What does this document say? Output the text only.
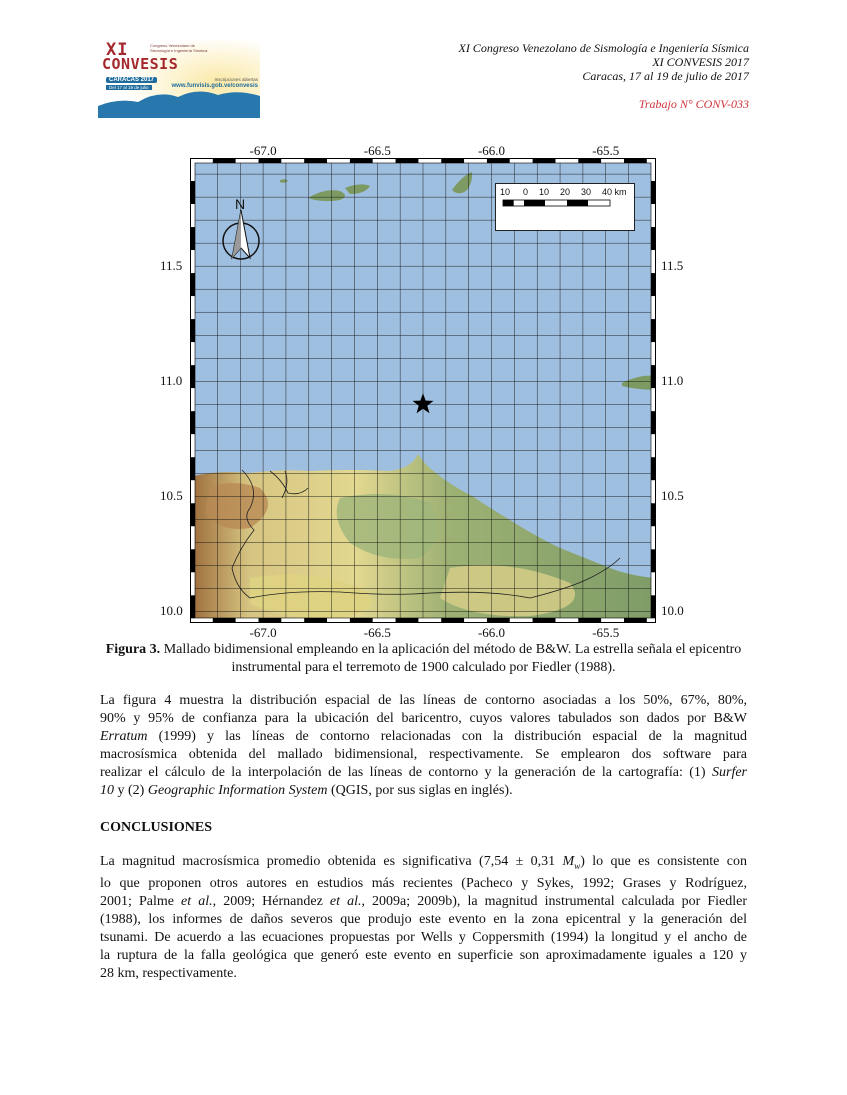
XI
CONVESIS
Congreso Venezolano de Sismología e Ingeniería Sísmica
CARACAS 2017
Del 17 al 19 de julio
Inscripciones abiertas
www.funvisis.gob.ve/convesis
XI Congreso Venezolano de Sismología e Ingeniería Sísmica
XI CONVESIS 2017
Caracas, 17 al 19 de julio de 2017
Trabajo N° CONV-033
-67.0	-66.5	-66.0	-65.5
-67.0	-66.5	-66.0	-65.5
11.5
11.0
10.5
10.0
11.5
11.0
10.5
10.0
10 0 10 20 30 40 km
N
Figura 3. Mallado bidimensional empleando en la aplicación del método de B&W. La estrella señala el epicentro instrumental para el terremoto de 1900 calculado por Fiedler (1988).
La figura 4 muestra la distribución espacial de las líneas de contorno asociadas a los 50%, 67%, 80%,
90% y 95% de confianza para la ubicación del baricentro, cuyos valores tabulados son dados por B&W
Erratum (1999) y las líneas de contorno relacionadas con la distribución espacial de la magnitud
macrosísmica obtenida del mallado bidimensional, respectivamente. Se emplearon dos software para
realizar el cálculo de la interpolación de las líneas de contorno y la generación de la cartografía: (1) Surfer
10 y (2) Geographic Information System (QGIS, por sus siglas en inglés).
CONCLUSIONES
La magnitud macrosísmica promedio obtenida es significativa (7,54 ± 0,31 $M_w$) lo que es consistente con
lo que proponen otros autores en estudios más recientes (Pacheco y Sykes, 1992; Grases y Rodríguez,
2001; Palme et al., 2009; Hérnandez et al., 2009a; 2009b), la magnitud instrumental calculada por Fiedler
(1988), los informes de daños severos que produjo este evento en la zona epicentral y la generación del
tsunami. De acuerdo a las ecuaciones propuestas por Wells y Coppersmith (1994) la longitud y el ancho de
la ruptura de la falla geológica que generó este evento en superficie son aproximadamente iguales a 120 y
28 km, respectivamente.
